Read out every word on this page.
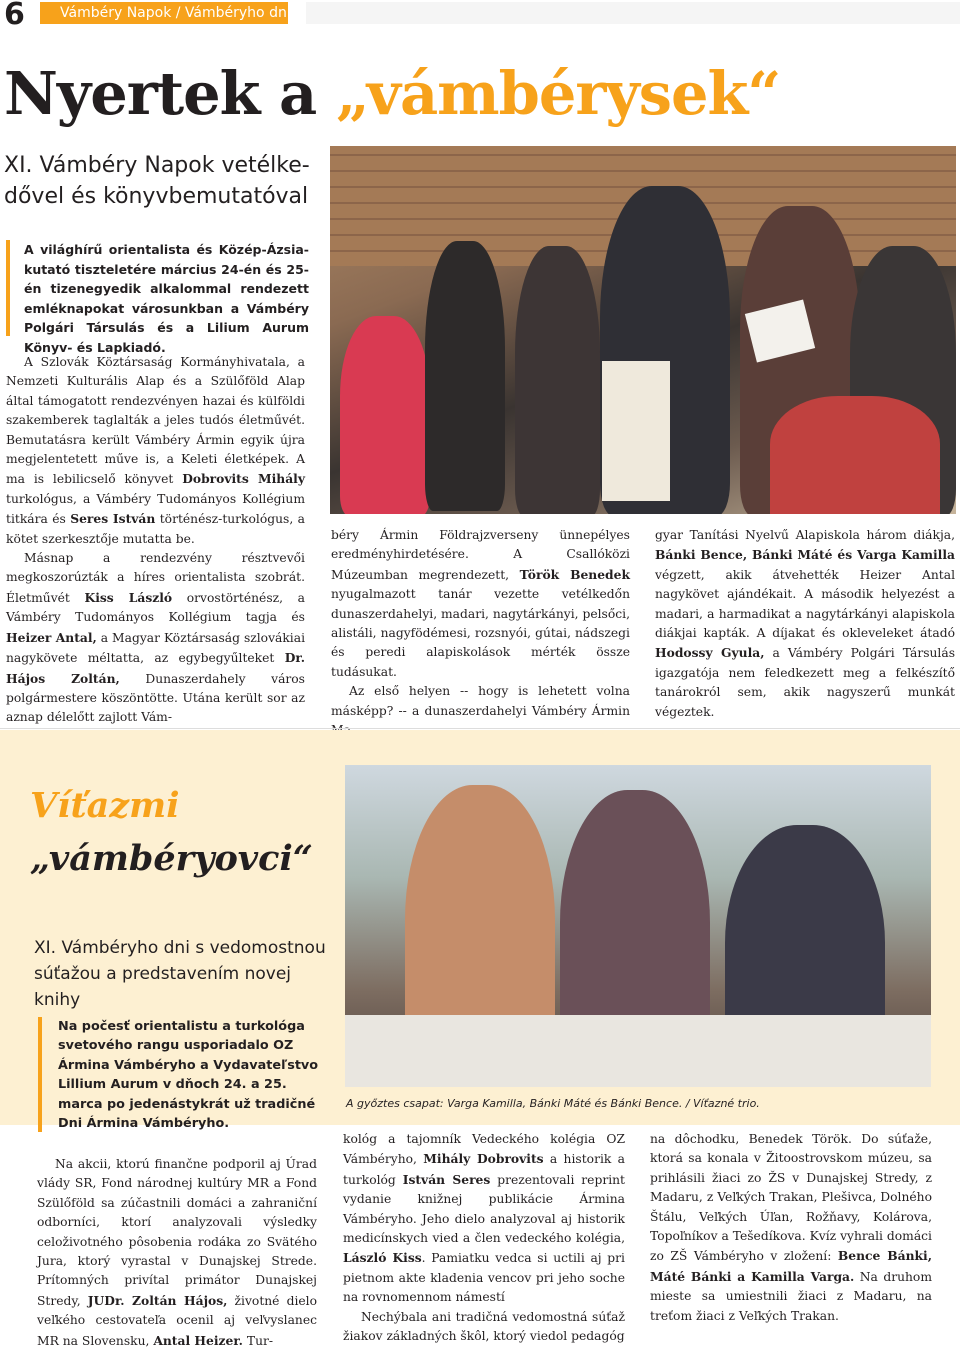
6	Vámbéry Napok / Vámbéryho dni
Nyertek a „vámbérysek“
XI. Vámbéry Napok vetélkedővel és könyvbemutatóval
A világhírű orientalista és Közép-Ázsia-kutató tiszteletére március 24-én és 25-én tizenegyedik alkalommal rendezett emléknapokat városunkban a Vámbéry Polgári Társulás és a Lilium Aurum Könyv- és Lapkiadó.

A Szlovák Köztársaság Kormányhivatala, a Nemzeti Kulturális Alap és a Szülőföld Alap által támogatott rendezvényen hazai és külföldi szakemberek taglalták a jeles tudós életművét. Bemutatásra került Vámbéry Ármin egyik újra megjelentetett műve is, a Keleti életképek. A ma is lebilicselő könyvet Dobrovits Mihály turkológus, a Vámbéry Tudományos Kollégium titkára és Seres István történész-turkológus, a kötet szerkesztője mutatta be.

Másnap a rendezvény résztvevői megkoszorúzták a híres orientalista szobrát. Életművét Kiss László orvostörténész, a Vámbéry Tudományos Kollégium tagja és Heizer Antal, a Magyar Köztársaság szlovákiai nagykövete méltatta, az egybegyűlteket Dr. Hájos Zoltán, Dunaszerdahely város polgármestere köszöntötte. Utána került sor az aznap délelőtt zajlott Vám-

béry Ármin Földrajzverseny ünnepélyes eredményhirdetésére. A Csallóközi Múzeumban megrendezett, Török Benedek nyugalmazott tanár vezette vetélkedőn dunaszerdahelyi, madari, nagytárkányi, pelsőci, alistáli, nagyfödémesi, rozsnyói, gútai, nádszegi és peredi alapiskolások mérték össze tudásukat.

Az első helyen -- hogy is lehetett volna másképp? -- a dunaszerdahelyi Vámbéry Ármin

gyar Tanítási Nyelvű Alapiskola három diákja, Bánki Bence, Bánki Máté és Varga Kamilla végzett, akik átvehették Heizer Antal nagykövet ajándékait. A második helyezést a madari, a harmadikat a nagytárkányi alapiskola diákjai kapták. A díjakat és okleveleket átadó Hodossy Gyula, a Vámbéry Polgári Társulás igazgatója nem feledkezett meg a felkészítő tanárokról sem, akik nagyszerű munkát végeztek.

Víťazmi
„vámbéryovci“
XI. Vámbéryho dni s vedomostnou súťažou a predstavením novej knihy
Na počesť orientalistu a turkológa svetového rangu usporiadalo OZ Ármina Vámbéryho a Vydavateľstvo Lillium Aurum v dňoch 24. a 25. marca po jedenástykrát už tradičné Dni Ármina Vámbéryho.
A győztes csapat: Varga Kamilla, Bánki Máté és Bánki Bence. / Víťazné trio.

Na akcii, ktorú finančne podporil aj Úrad vlády SR, Fond národnej kultúry MR a Fond Szülőföld sa zúčastnili domáci a zahraniční odborníci, ktorí analyzovali výsledky celoživotného pôsobenia rodáka zo Svätého Jura, ktorý vyrastal v Dunajskej Strede. Prítomných privítal primátor Dunajskej Stredy, JUDr. Zoltán Hájos, životné dielo veľkého cestovateľa ocenil aj veľvyslanec MR na Slovensku, Antal Heizer. Tur-

kológ a tajomník Vedeckého kolégia OZ Vámbéryho, Mihály Dobrovits a historik a turkológ István Seres prezentovali reprint vydanie knižnej publikácie Ármina Vámbéryho. Jeho dielo analyzoval aj historik medicínskych vied a člen vedeckého kolégia, László Kiss. Pamiatku vedca si uctili aj pri pietnom akte kladenia vencov pri jeho soche na rovnomennom námestí

Nechýbala ani tradičná vedomostná súťaž žiakov základných škôl, ktorý viedol pedagóg

na dôchodku, Benedek Török. Do súťaže, ktorá sa konala v Žitoostrovskom múzeu, sa prihlásili žiaci zo ŽS v Dunajskej Stredy, z Madaru, z Veľkých Trakan, Plešivca, Dolného Štálu, Veľkých Úľan, Rožňavy, Kolárova, Topoľníkov a Tešedíkova. Kvíz vyhrali domáci zo ZŠ Vámbéryho v zložení: Bence Bánki, Máté Bánki a Kamilla Varga. Na druhom mieste sa umiestnili žiaci z Madaru, na treťom žiaci z Veľkých Trakan.
